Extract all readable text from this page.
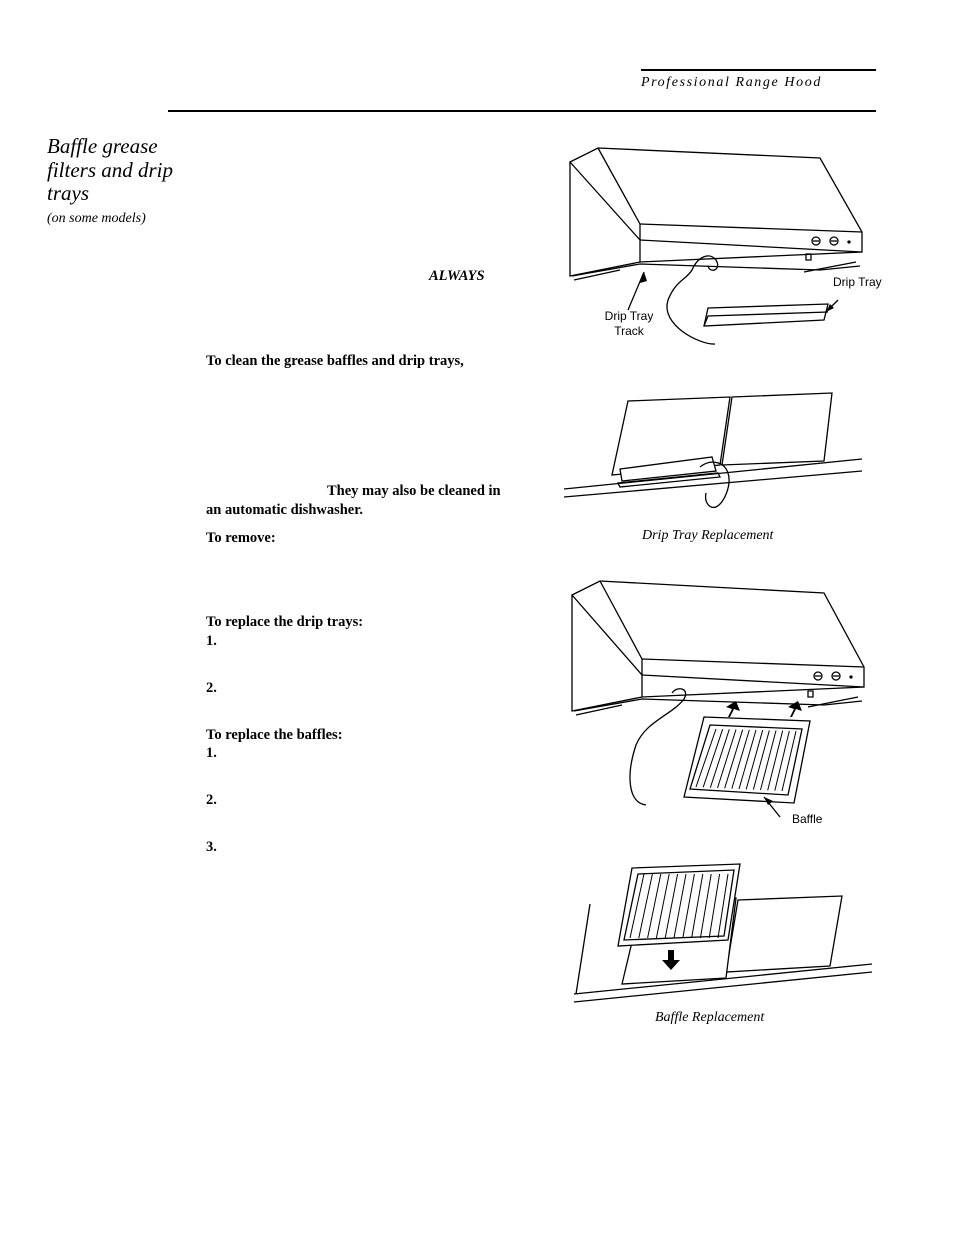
Professional Range Hood
Baffle grease filters and drip trays
(on some models)
ALWAYS
To clean the grease baffles and drip trays,
They may also be cleaned in
an automatic dishwasher.
To remove:
To replace the drip trays:
1.
2.
To replace the baffles:
1.
2.
3.
Drip Tray
Drip Tray
Track
Drip Tray Replacement
Baffle
Baffle Replacement
